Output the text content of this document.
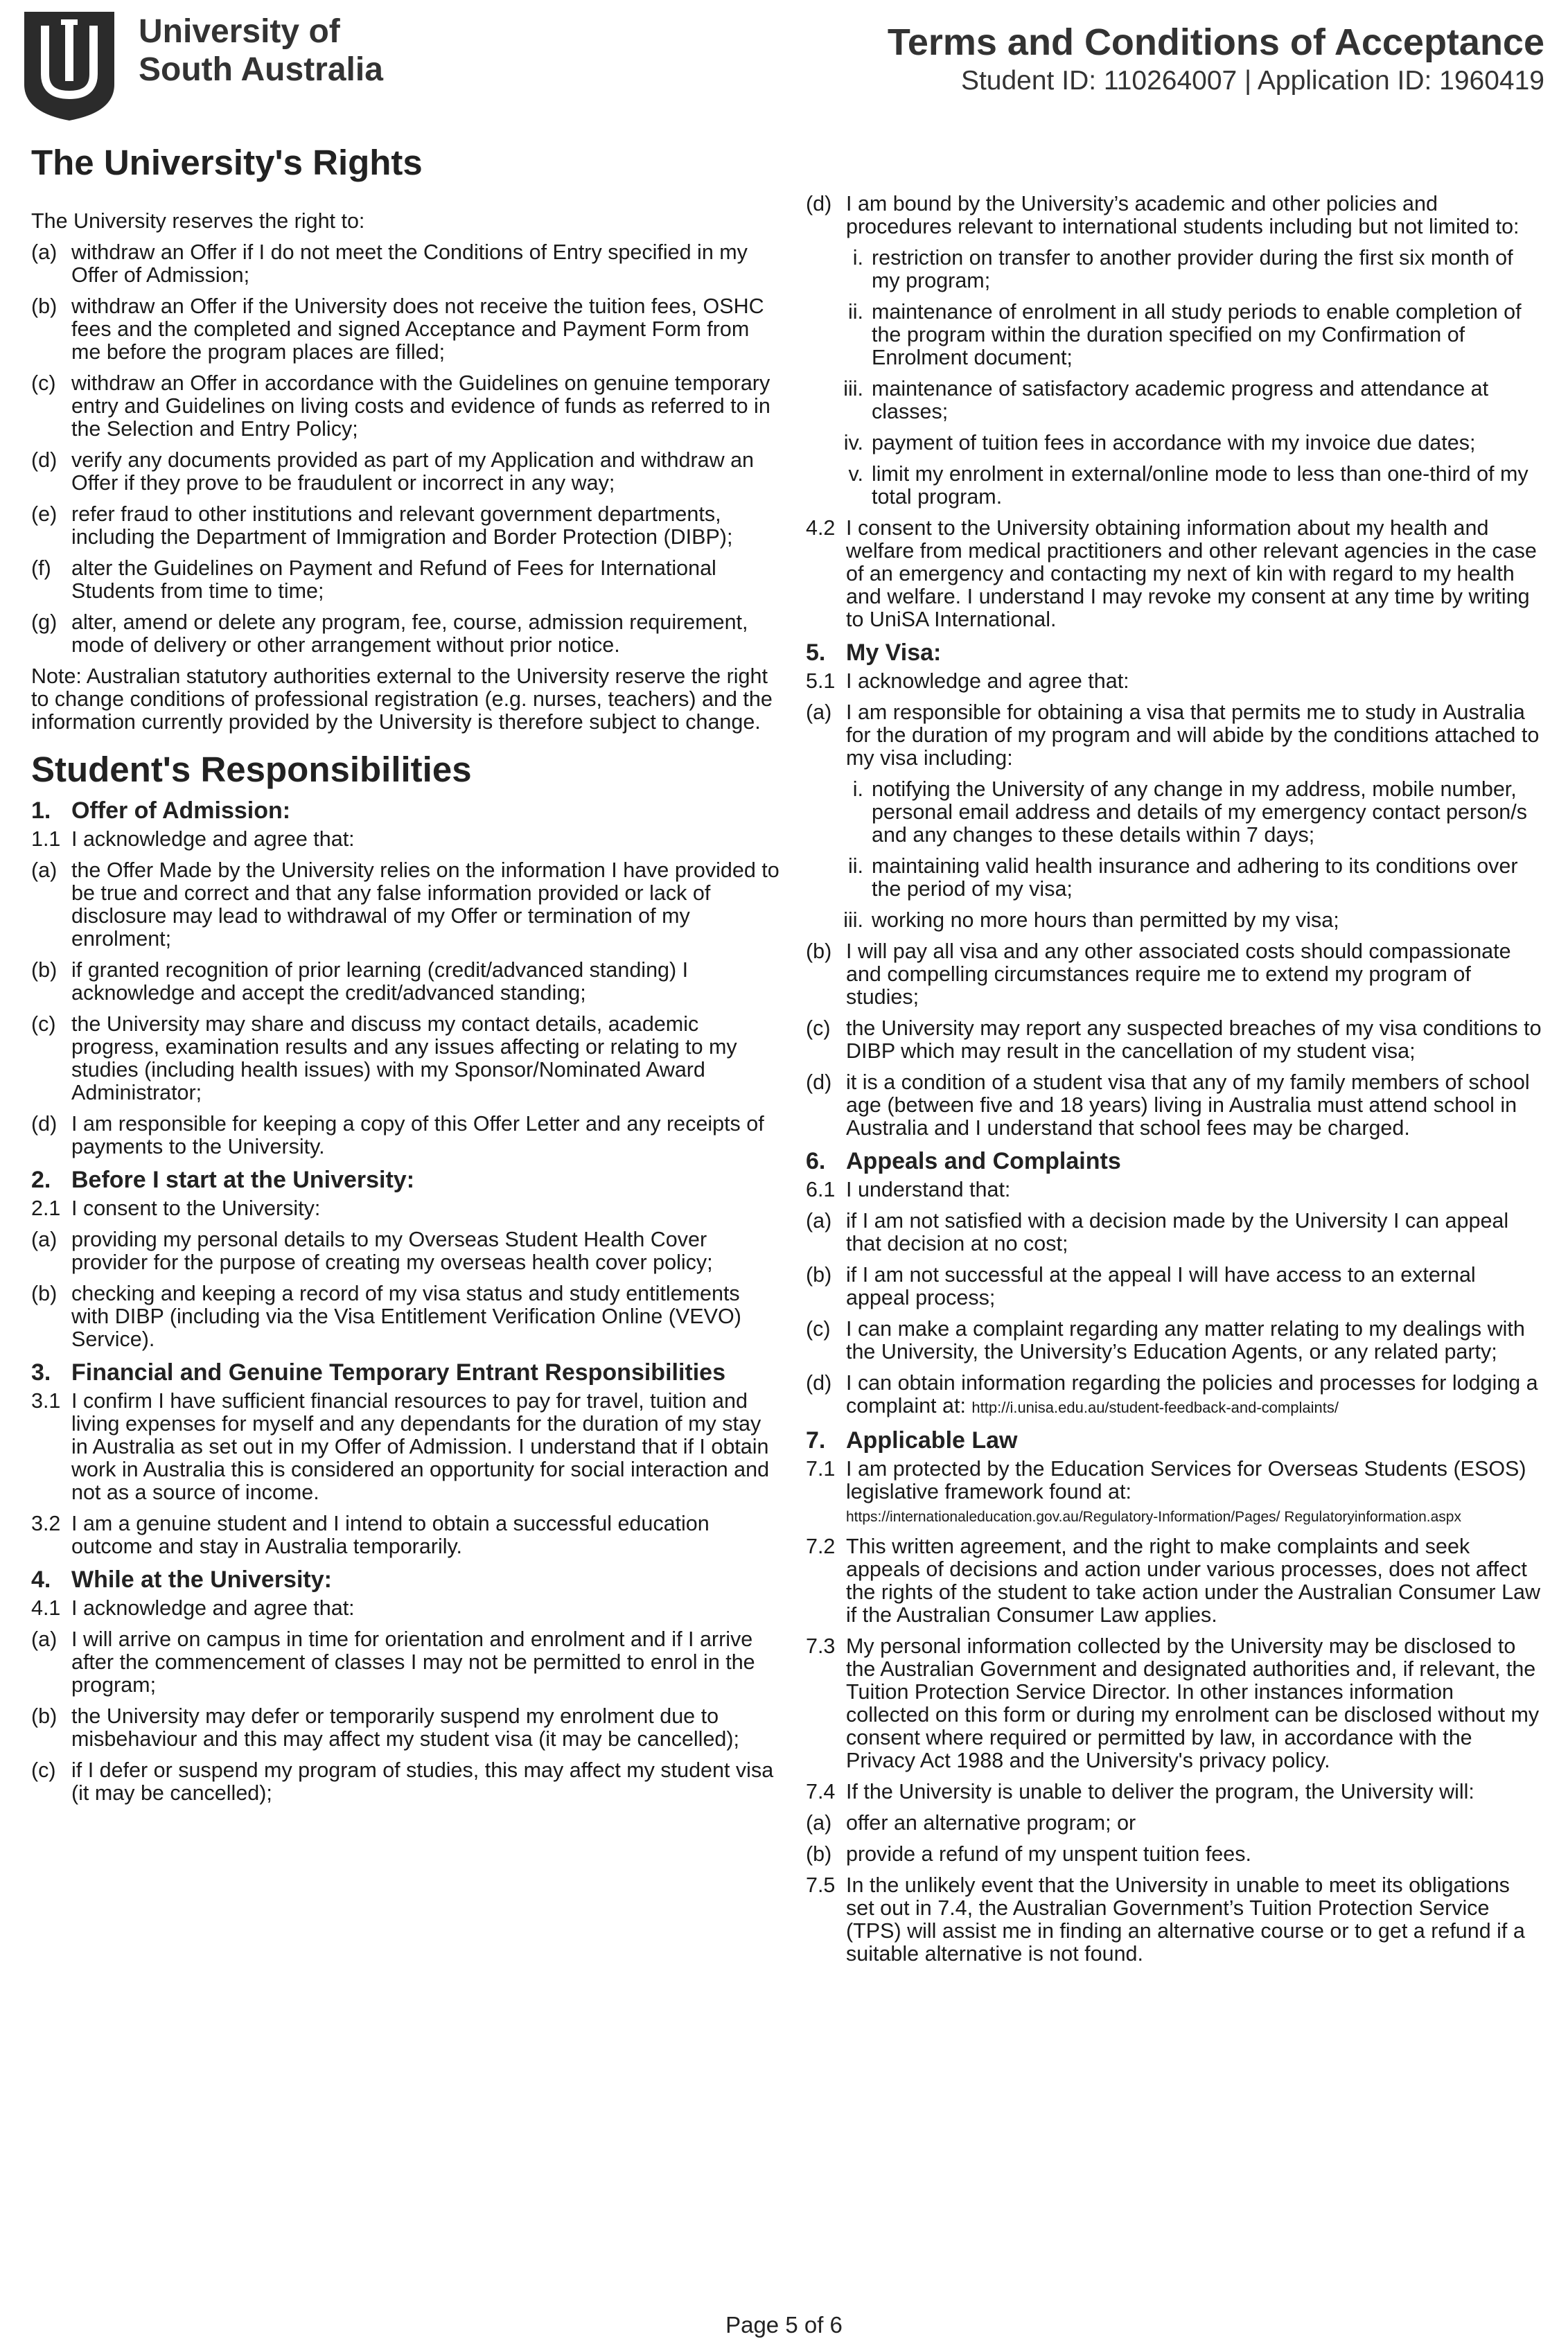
University of
South Australia
Terms and Conditions of Acceptance
Student ID: 110264007 | Application ID: 1960419
The University's Rights

The University reserves the right to:

(a) withdraw an Offer if I do not meet the Conditions of Entry specified in my Offer of Admission;
(b) withdraw an Offer if the University does not receive the tuition fees, OSHC fees and the completed and signed Acceptance and Payment Form from me before the program places are filled;
(c) withdraw an Offer in accordance with the Guidelines on genuine temporary entry and Guidelines on living costs and evidence of funds as referred to in the Selection and Entry Policy;
(d) verify any documents provided as part of my Application and withdraw an Offer if they prove to be fraudulent or incorrect in any way;
(e) refer fraud to other institutions and relevant government departments, including the Department of Immigration and Border Protection (DIBP);
(f) alter the Guidelines on Payment and Refund of Fees for International Students from time to time;
(g) alter, amend or delete any program, fee, course, admission requirement, mode of delivery or other arrangement without prior notice.

Note: Australian statutory authorities external to the University reserve the right to change conditions of professional registration (e.g. nurses, teachers) and the information currently provided by the University is therefore subject to change.

Student's Responsibilities
1. Offer of Admission:
1.1 I acknowledge and agree that:
(a) the Offer Made by the University relies on the information I have provided to be true and correct and that any false information provided or lack of disclosure may lead to withdrawal of my Offer or termination of my enrolment;
(b) if granted recognition of prior learning (credit/advanced standing) I acknowledge and accept the credit/advanced standing;
(c) the University may share and discuss my contact details, academic progress, examination results and any issues affecting or relating to my studies (including health issues) with my Sponsor/Nominated Award Administrator;
(d) I am responsible for keeping a copy of this Offer Letter and any receipts of payments to the University.
2. Before I start at the University:
2.1 I consent to the University:
(a) providing my personal details to my Overseas Student Health Cover provider for the purpose of creating my overseas health cover policy;
(b) checking and keeping a record of my visa status and study entitlements with DIBP (including via the Visa Entitlement Verification Online (VEVO) Service).
3. Financial and Genuine Temporary Entrant Responsibilities
3.1 I confirm I have sufficient financial resources to pay for travel, tuition and living expenses for myself and any dependants for the duration of my stay in Australia as set out in my Offer of Admission. I understand that if I obtain work in Australia this is considered an opportunity for social interaction and not as a source of income.
3.2 I am a genuine student and I intend to obtain a successful education outcome and stay in Australia temporarily.
4. While at the University:
4.1 I acknowledge and agree that:
(a) I will arrive on campus in time for orientation and enrolment and if I arrive after the commencement of classes I may not be permitted to enrol in the program;
(b) the University may defer or temporarily suspend my enrolment due to misbehaviour and this may affect my student visa (it may be cancelled);
(c) if I defer or suspend my program of studies, this may affect my student visa (it may be cancelled);
(d) I am bound by the University’s academic and other policies and procedures relevant to international students including but not limited to:
i. restriction on transfer to another provider during the first six month of my program;
ii. maintenance of enrolment in all study periods to enable completion of the program within the duration specified on my Confirmation of Enrolment document;
iii. maintenance of satisfactory academic progress and attendance at classes;
iv. payment of tuition fees in accordance with my invoice due dates;
v. limit my enrolment in external/online mode to less than one-third of my total program.
4.2 I consent to the University obtaining information about my health and welfare from medical practitioners and other relevant agencies in the case of an emergency and contacting my next of kin with regard to my health and welfare. I understand I may revoke my consent at any time by writing to UniSA International.
5. My Visa:
5.1 I acknowledge and agree that:
(a) I am responsible for obtaining a visa that permits me to study in Australia for the duration of my program and will abide by the conditions attached to my visa including:
i. notifying the University of any change in my address, mobile number, personal email address and details of my emergency contact person/s and any changes to these details within 7 days;
ii. maintaining valid health insurance and adhering to its conditions over the period of my visa;
iii. working no more hours than permitted by my visa;
(b) I will pay all visa and any other associated costs should compassionate and compelling circumstances require me to extend my program of studies;
(c) the University may report any suspected breaches of my visa conditions to DIBP which may result in the cancellation of my student visa;
(d) it is a condition of a student visa that any of my family members of school age (between five and 18 years) living in Australia must attend school in Australia and I understand that school fees may be charged.
6. Appeals and Complaints
6.1 I understand that:
(a) if I am not satisfied with a decision made by the University I can appeal that decision at no cost;
(b) if I am not successful at the appeal I will have access to an external appeal process;
(c) I can make a complaint regarding any matter relating to my dealings with the University, the University’s Education Agents, or any related party;
(d) I can obtain information regarding the policies and processes for lodging a complaint at: http://i.unisa.edu.au/student-feedback-and-complaints/
7. Applicable Law
7.1 I am protected by the Education Services for Overseas Students (ESOS) legislative framework found at:
https://internationaleducation.gov.au/Regulatory-Information/Pages/ Regulatoryinformation.aspx
7.2 This written agreement, and the right to make complaints and seek appeals of decisions and action under various processes, does not affect the rights of the student to take action under the Australian Consumer Law if the Australian Consumer Law applies.
7.3 My personal information collected by the University may be disclosed to the Australian Government and designated authorities and, if relevant, the Tuition Protection Service Director. In other instances information collected on this form or during my enrolment can be disclosed without my consent where required or permitted by law, in accordance with the Privacy Act 1988 and the University's privacy policy.
7.4 If the University is unable to deliver the program, the University will:
(a) offer an alternative program; or
(b) provide a refund of my unspent tuition fees.
7.5 In the unlikely event that the University in unable to meet its obligations set out in 7.4, the Australian Government’s Tuition Protection Service (TPS) will assist me in finding an alternative course or to get a refund if a suitable alternative is not found.
Page 5 of 6
